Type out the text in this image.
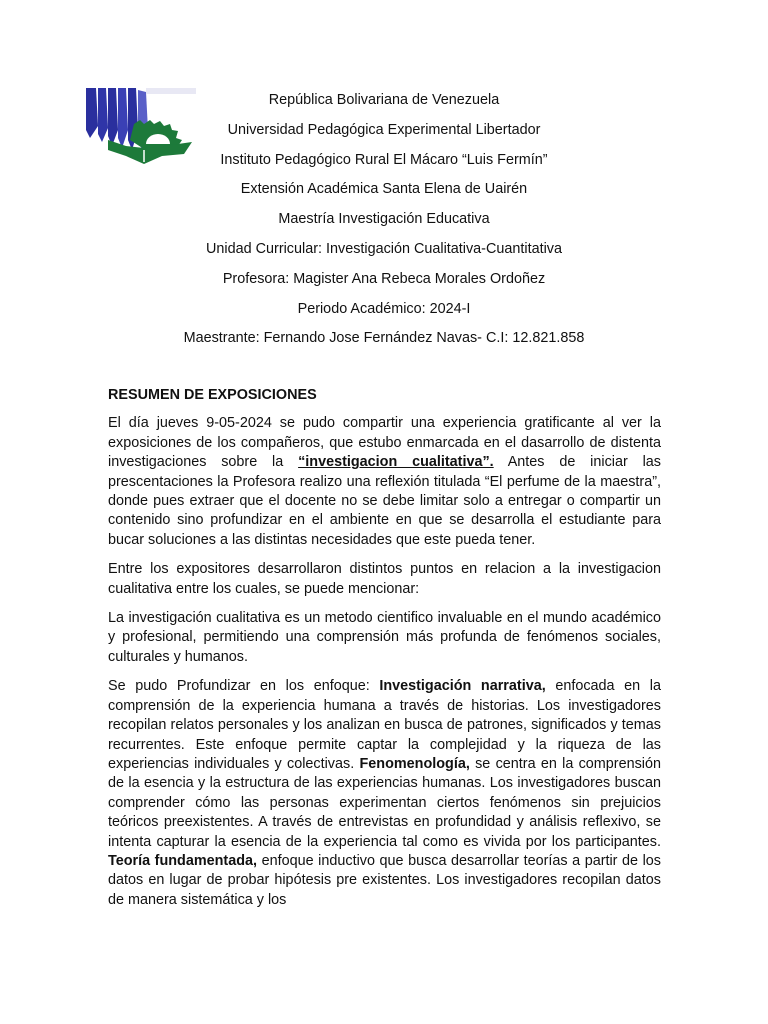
República Bolivariana de Venezuela
Universidad Pedagógica Experimental Libertador
Instituto Pedagógico Rural El Mácaro “Luis Fermín”
Extensión Académica Santa Elena de Uairén
Maestría Investigación Educativa
Unidad Curricular: Investigación Cualitativa-Cuantitativa
Profesora: Magister Ana Rebeca Morales Ordoñez
Periodo Académico: 2024-I
Maestrante: Fernando Jose Fernández Navas- C.I: 12.821.858
RESUMEN DE EXPOSICIONES

El día jueves 9-05-2024 se pudo compartir una experiencia gratificante al ver la exposiciones de los compañeros, que estubo enmarcada en el dasarrollo de distenta investigaciones sobre la “investigacion cualitativa”. Antes de iniciar las prescentaciones la Profesora realizo una reflexión titulada “El perfume de la maestra”, donde pues extraer que el docente no se debe limitar solo a entregar o compartir un contenido sino profundizar en el ambiente en que se desarrolla el estudiante para bucar soluciones a las distintas necesidades que este pueda tener.

Entre los expositores desarrollaron distintos puntos en relacion a la investigacion cualitativa entre los cuales, se puede mencionar:

La investigación cualitativa es un metodo cientifico invaluable en el mundo académico y profesional, permitiendo una comprensión más profunda de fenómenos sociales, culturales y humanos.

Se pudo Profundizar en los enfoque: Investigación narrativa, enfocada en la comprensión de la experiencia humana a través de historias. Los investigadores recopilan relatos personales y los analizan en busca de patrones, significados y temas recurrentes. Este enfoque permite captar la complejidad y la riqueza de las experiencias individuales y colectivas. Fenomenología, se centra en la comprensión de la esencia y la estructura de las experiencias humanas. Los investigadores buscan comprender cómo las personas experimentan ciertos fenómenos sin prejuicios teóricos preexistentes. A través de entrevistas en profundidad y análisis reflexivo, se intenta capturar la esencia de la experiencia tal como es vivida por los participantes. Teoría fundamentada, enfoque inductivo que busca desarrollar teorías a partir de los datos en lugar de probar hipótesis pre existentes. Los investigadores recopilan datos de manera sistemática y los
